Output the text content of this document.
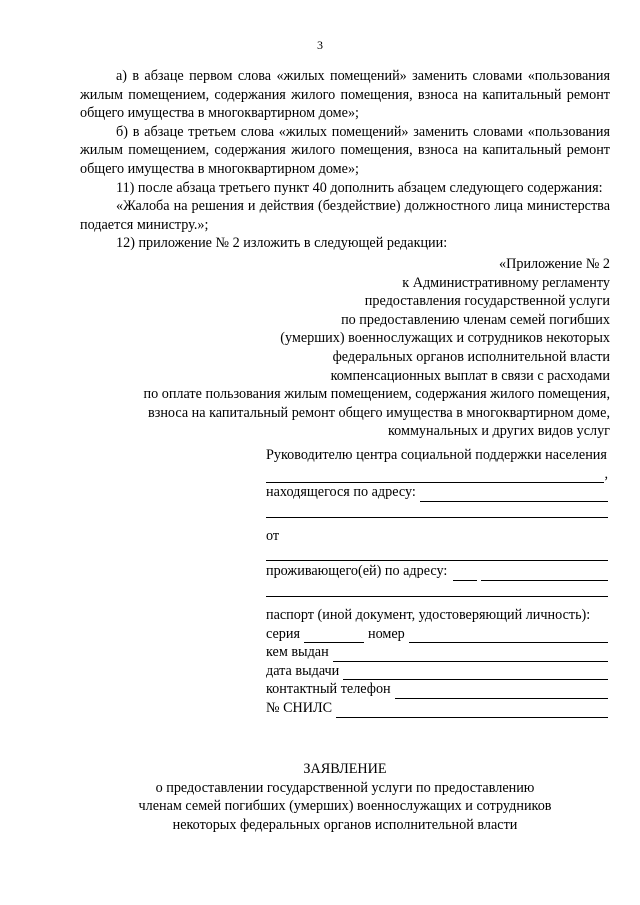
3

а) в абзаце первом слова «жилых помещений» заменить словами «пользования жилым помещением, содержания жилого помещения, взноса на капитальный ремонт общего имущества в многоквартирном доме»;

б) в абзаце третьем слова «жилых помещений» заменить словами «пользования жилым помещением, содержания жилого помещения, взноса на капитальный ремонт общего имущества в многоквартирном доме»;

11) после абзаца третьего пункт 40 дополнить абзацем следующего содержания:

«Жалоба на решения и действия (бездействие) должностного лица министерства подается министру.»;

12) приложение № 2 изложить в следующей редакции:

«Приложение № 2
к Административному регламенту
предоставления государственной услуги
по предоставлению членам семей погибших
(умерших) военнослужащих и сотрудников некоторых
федеральных органов исполнительной власти
компенсационных выплат в связи с расходами
по оплате пользования жилым помещением, содержания жилого помещения,
взноса на капитальный ремонт общего имущества в многоквартирном доме,
коммунальных и других видов услуг

Руководителю центра социальной поддержки населения

,
находящегося по адресу:
от
проживающего(ей) по адресу:

паспорт (иной документ, удостоверяющий личность):

серия	номер
кем выдан
дата выдачи
контактный телефон
№ СНИЛС
ЗАЯВЛЕНИЕ
о предоставлении государственной услуги по предоставлению
членам семей погибших (умерших) военнослужащих и сотрудников
некоторых федеральных органов исполнительной власти
